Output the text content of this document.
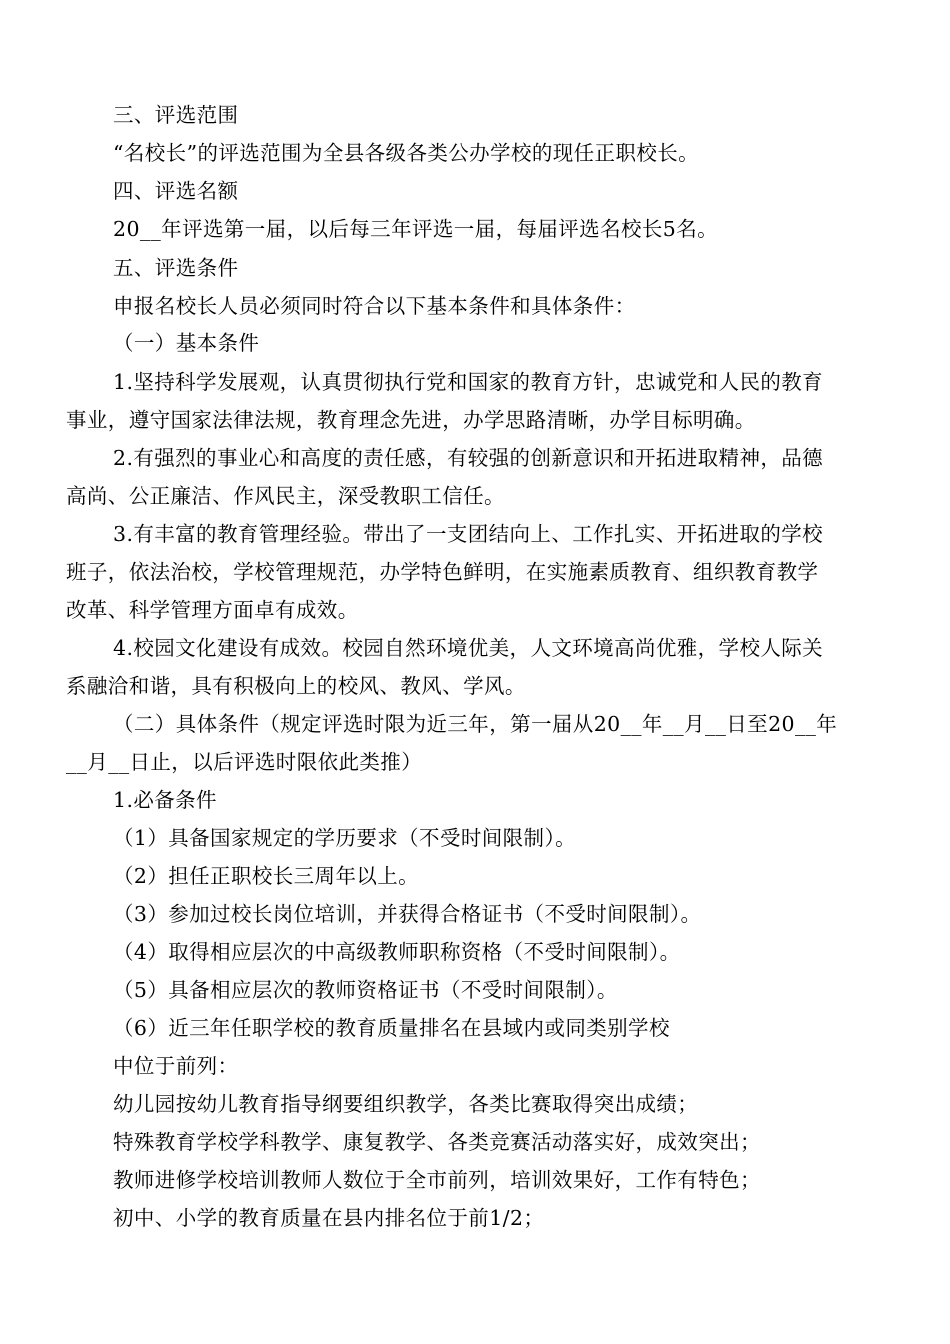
三、评选范围
“名校长”的评选范围为全县各级各类公办学校的现任正职校长。
四、评选名额
20__年评选第一届，以后每三年评选一届，每届评选名校长5名。
五、评选条件
申报名校长人员必须同时符合以下基本条件和具体条件：
（一）基本条件
1.坚持科学发展观，认真贯彻执行党和国家的教育方针，忠诚党和人民的教育
事业，遵守国家法律法规，教育理念先进，办学思路清晰，办学目标明确。
2.有强烈的事业心和高度的责任感，有较强的创新意识和开拓进取精神，品德
高尚、公正廉洁、作风民主，深受教职工信任。
3.有丰富的教育管理经验。带出了一支团结向上、工作扎实、开拓进取的学校
班子，依法治校，学校管理规范，办学特色鲜明，在实施素质教育、组织教育教学
改革、科学管理方面卓有成效。
4.校园文化建设有成效。校园自然环境优美，人文环境高尚优雅，学校人际关
系融洽和谐，具有积极向上的校风、教风、学风。
（二）具体条件（规定评选时限为近三年，第一届从20__年__月__日至20__年
__月__日止，以后评选时限依此类推）
1.必备条件
（1）具备国家规定的学历要求（不受时间限制）。
（2）担任正职校长三周年以上。
（3）参加过校长岗位培训，并获得合格证书（不受时间限制）。
（4）取得相应层次的中高级教师职称资格（不受时间限制）。
（5）具备相应层次的教师资格证书（不受时间限制）。
（6）近三年任职学校的教育质量排名在县域内或同类别学校
中位于前列：
幼儿园按幼儿教育指导纲要组织教学，各类比赛取得突出成绩；
特殊教育学校学科教学、康复教学、各类竞赛活动落实好，成效突出；
教师进修学校培训教师人数位于全市前列，培训效果好，工作有特色；
初中、小学的教育质量在县内排名位于前1/2；
